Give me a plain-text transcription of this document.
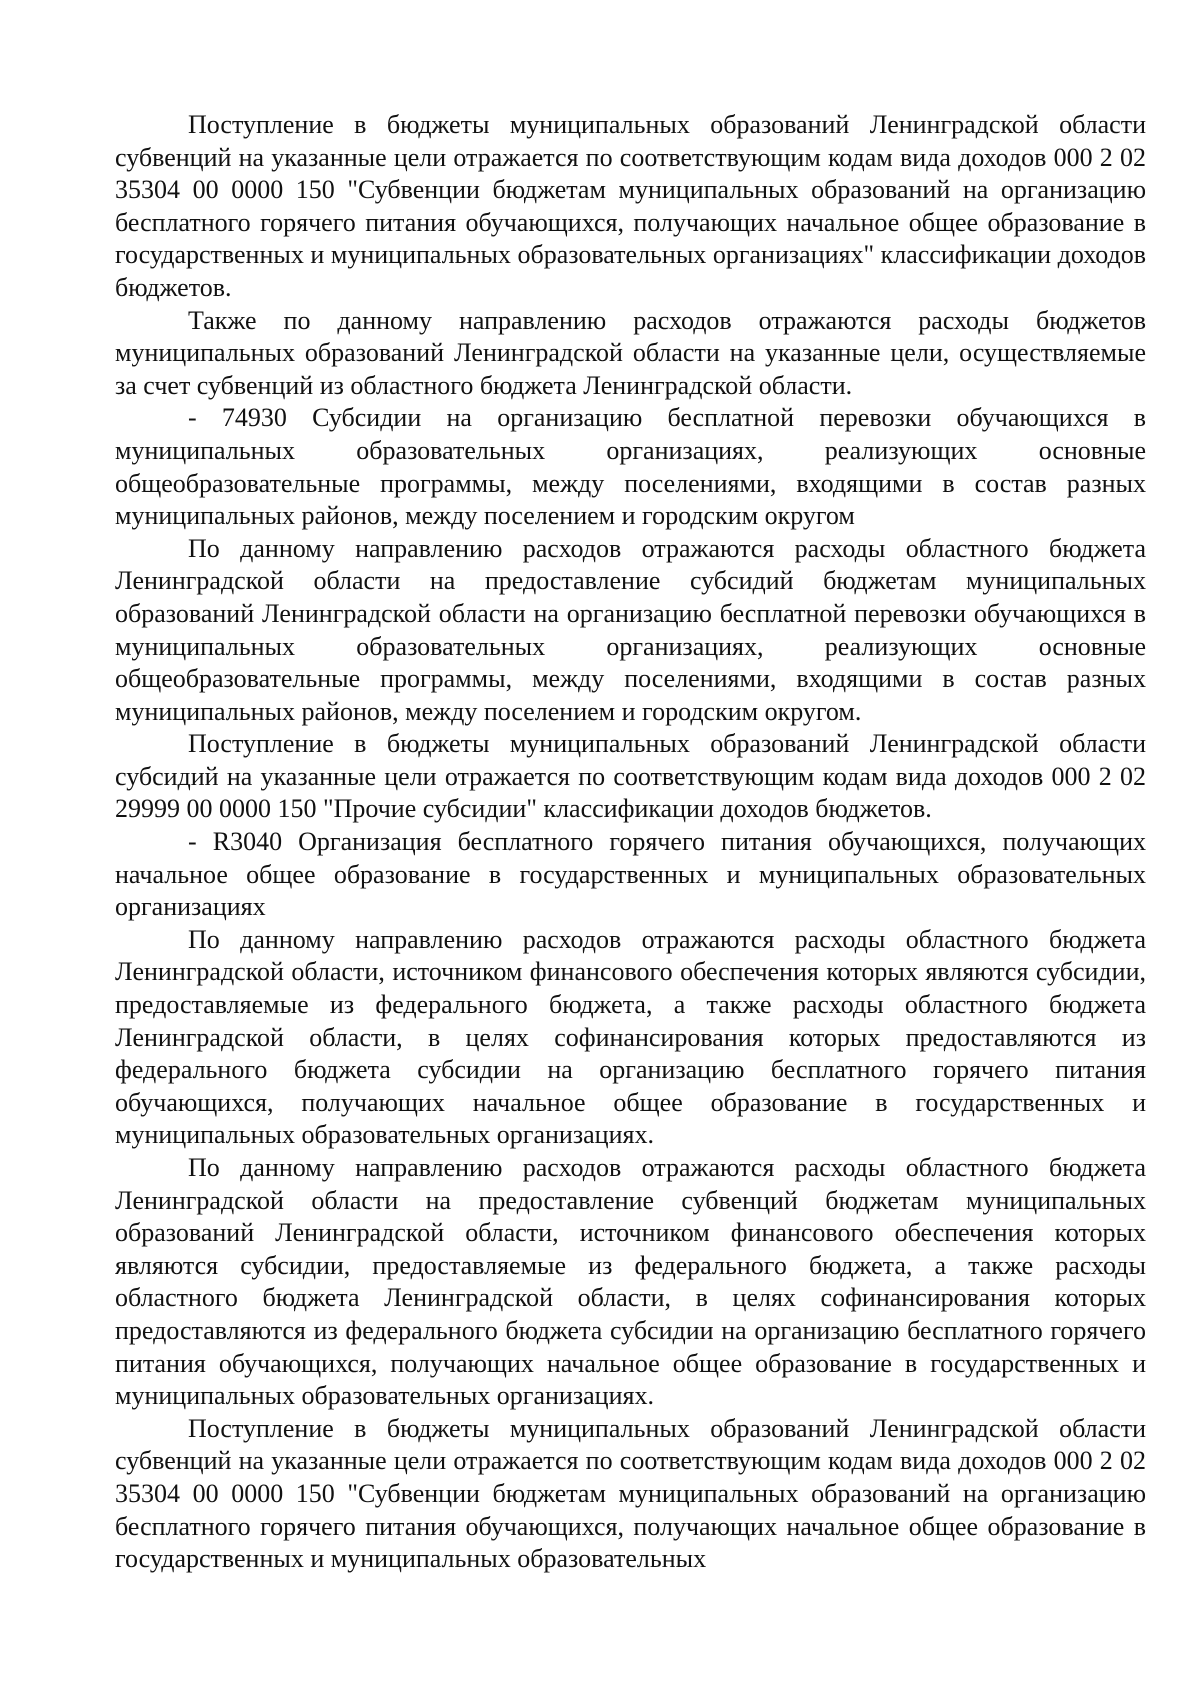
Поступление в бюджеты муниципальных образований Ленинградской области субвенций на указанные цели отражается по соответствующим кодам вида доходов 000 2 02 35304 00 0000 150 "Субвенции бюджетам муниципальных образований на организацию бесплатного горячего питания обучающихся, получающих начальное общее образование в государственных и муниципальных образовательных организациях" классификации доходов бюджетов.

Также по данному направлению расходов отражаются расходы бюджетов муниципальных образований Ленинградской области на указанные цели, осуществляемые за счет субвенций из областного бюджета Ленинградской области.

- 74930 Субсидии на организацию бесплатной перевозки обучающихся в муниципальных образовательных организациях, реализующих основные общеобразовательные программы, между поселениями, входящими в состав разных муниципальных районов, между поселением и городским округом

По данному направлению расходов отражаются расходы областного бюджета Ленинградской области на предоставление субсидий бюджетам муниципальных образований Ленинградской области на организацию бесплатной перевозки обучающихся в муниципальных образовательных организациях, реализующих основные общеобразовательные программы, между поселениями, входящими в состав разных муниципальных районов, между поселением и городским округом.

Поступление в бюджеты муниципальных образований Ленинградской области субсидий на указанные цели отражается по соответствующим кодам вида доходов 000 2 02 29999 00 0000 150 "Прочие субсидии" классификации доходов бюджетов.

- R3040 Организация бесплатного горячего питания обучающихся, получающих начальное общее образование в государственных и муниципальных образовательных организациях

По данному направлению расходов отражаются расходы областного бюджета Ленинградской области, источником финансового обеспечения которых являются субсидии, предоставляемые из федерального бюджета, а также расходы областного бюджета Ленинградской области, в целях софинансирования которых предоставляются из федерального бюджета субсидии на организацию бесплатного горячего питания обучающихся, получающих начальное общее образование в государственных и муниципальных образовательных организациях.

По данному направлению расходов отражаются расходы областного бюджета Ленинградской области на предоставление субвенций бюджетам муниципальных образований Ленинградской области, источником финансового обеспечения которых являются субсидии, предоставляемые из федерального бюджета, а также расходы областного бюджета Ленинградской области, в целях софинансирования которых предоставляются из федерального бюджета субсидии на организацию бесплатного горячего питания обучающихся, получающих начальное общее образование в государственных и муниципальных образовательных организациях.

Поступление в бюджеты муниципальных образований Ленинградской области субвенций на указанные цели отражается по соответствующим кодам вида доходов 000 2 02 35304 00 0000 150 "Субвенции бюджетам муниципальных образований на организацию бесплатного горячего питания обучающихся, получающих начальное общее образование в государственных и муниципальных образовательных
